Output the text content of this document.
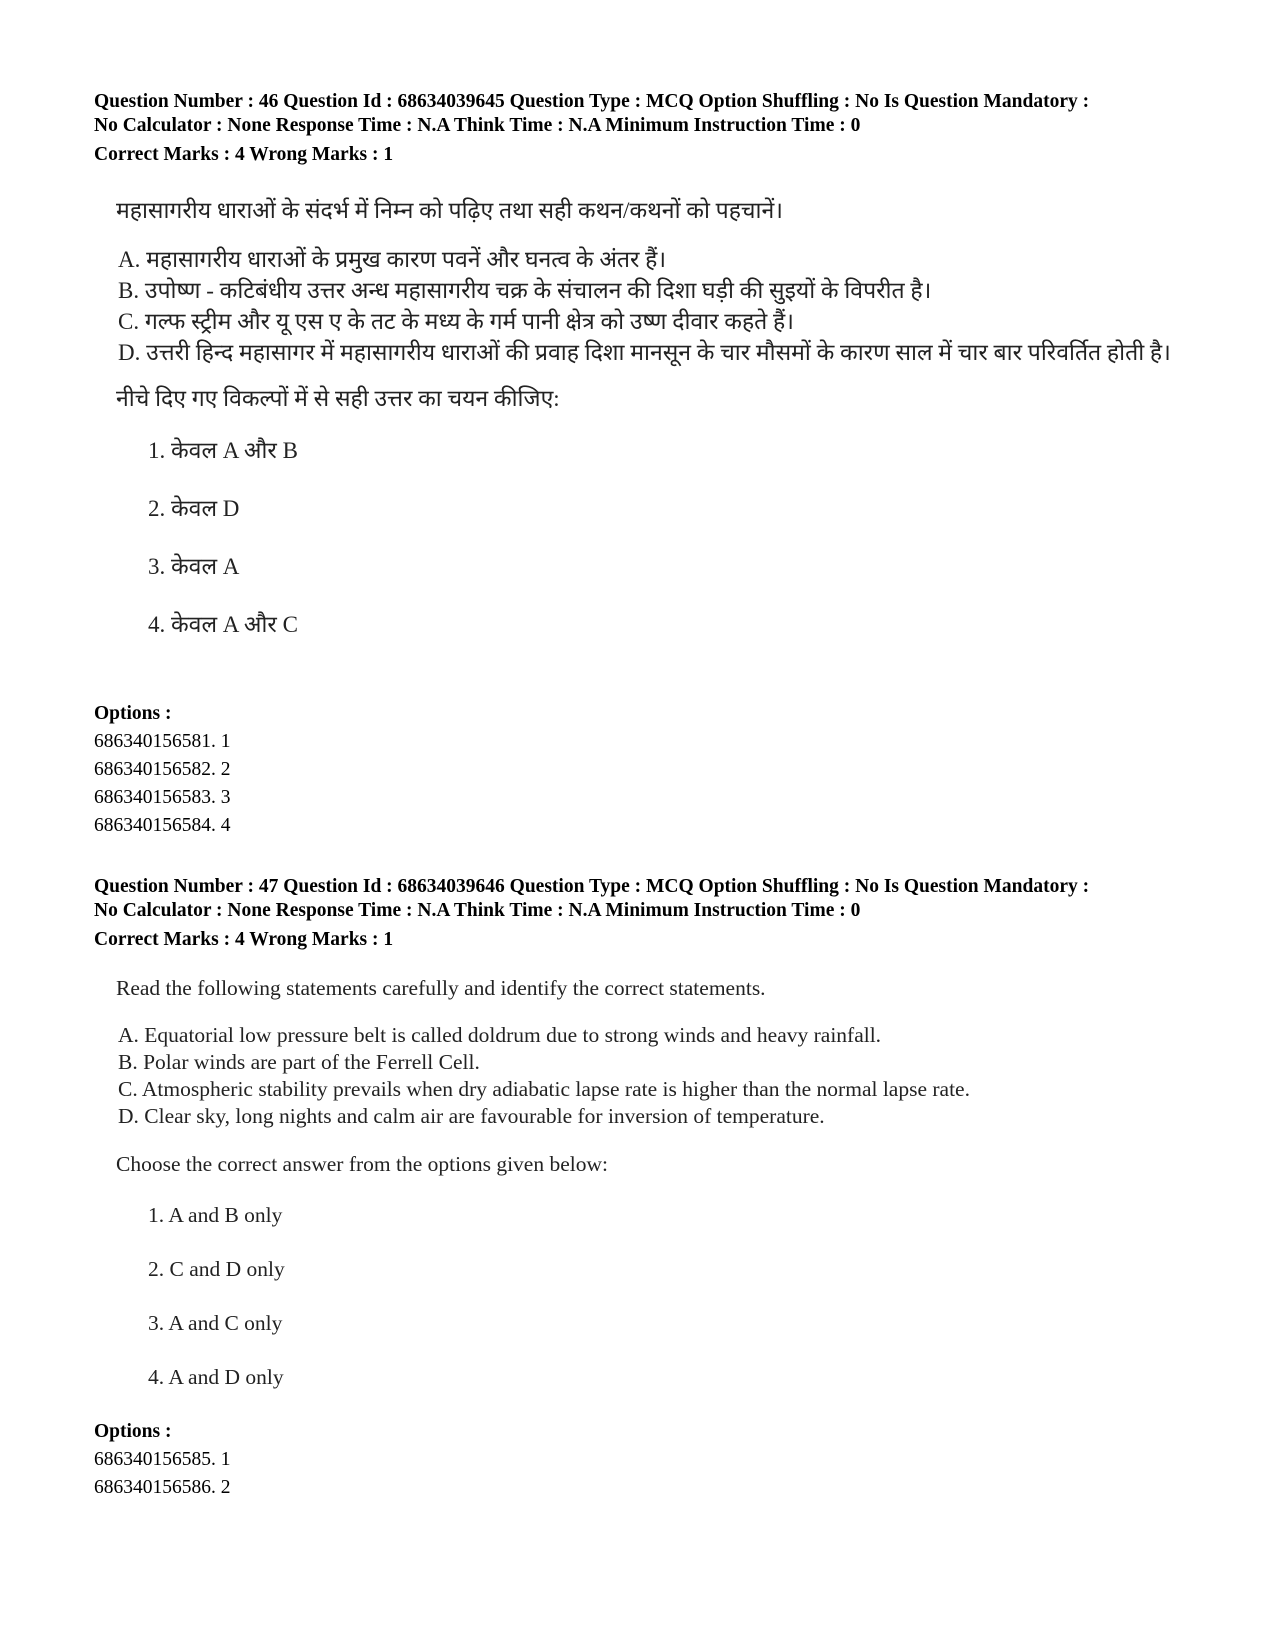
Question Number : 46 Question Id : 68634039645 Question Type : MCQ Option Shuffling : No Is Question Mandatory :

No Calculator : None Response Time : N.A Think Time : N.A Minimum Instruction Time : 0

Correct Marks : 4 Wrong Marks : 1

महासागरीय धाराओं के संदर्भ में निम्न को पढ़िए तथा सही कथन/कथनों को पहचानें।

A. महासागरीय धाराओं के प्रमुख कारण पवनें और घनत्व के अंतर हैं।
B. उपोष्ण - कटिबंधीय उत्तर अन्ध महासागरीय चक्र के संचालन की दिशा घड़ी की सुइयों के विपरीत है।
C. गल्फ स्ट्रीम और यू एस ए के तट के मध्य के गर्म पानी क्षेत्र को उष्ण दीवार कहते हैं।
D. उत्तरी हिन्द महासागर में महासागरीय धाराओं की प्रवाह दिशा मानसून के चार मौसमों के कारण साल में चार बार परिवर्तित होती है।

नीचे दिए गए विकल्पों में से सही उत्तर का चयन कीजिए:

1. केवल A और B
2. केवल D
3. केवल A
4. केवल A और C
Options :
686340156581. 1
686340156582. 2
686340156583. 3
686340156584. 4

Question Number : 47 Question Id : 68634039646 Question Type : MCQ Option Shuffling : No Is Question Mandatory :

No Calculator : None Response Time : N.A Think Time : N.A Minimum Instruction Time : 0

Correct Marks : 4 Wrong Marks : 1

Read the following statements carefully and identify the correct statements.

A. Equatorial low pressure belt is called doldrum due to strong winds and heavy rainfall.
B. Polar winds are part of the Ferrell Cell.
C. Atmospheric stability prevails when dry adiabatic lapse rate is higher than the normal lapse rate.
D. Clear sky, long nights and calm air are favourable for inversion of temperature.

Choose the correct answer from the options given below:

1. A and B only
2. C and D only
3. A and C only
4. A and D only
Options :
686340156585. 1
686340156586. 2
